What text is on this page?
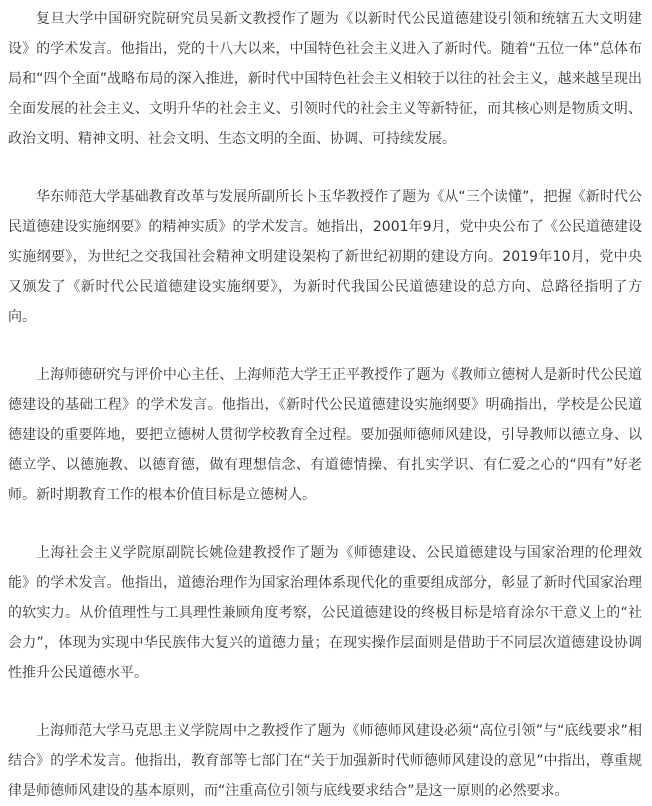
复旦大学中国研究院研究员吴新文教授作了题为《以新时代公民道德建设引领和统辖五大文明建设》的学术发言。他指出，党的十八大以来，中国特色社会主义进入了新时代。随着“五位一体”总体布局和“四个全面”战略布局的深入推进，新时代中国特色社会主义相较于以往的社会主义，越来越呈现出全面发展的社会主义、文明升华的社会主义、引领时代的社会主义等新特征，而其核心则是物质文明、政治文明、精神文明、社会文明、生态文明的全面、协调、可持续发展。

华东师范大学基础教育改革与发展所副所长卜玉华教授作了题为《从“三个读懂”，把握《新时代公民道德建设实施纲要》的精神实质》的学术发言。她指出，2001年9月，党中央公布了《公民道德建设实施纲要》，为世纪之交我国社会精神文明建设架构了新世纪初期的建设方向。2019年10月，党中央又颁发了《新时代公民道德建设实施纲要》，为新时代我国公民道德建设的总方向、总路径指明了方向。

上海师德研究与评价中心主任、上海师范大学王正平教授作了题为《教师立德树人是新时代公民道德建设的基础工程》的学术发言。他指出，《新时代公民道德建设实施纲要》明确指出，学校是公民道德建设的重要阵地，要把立德树人贯彻学校教育全过程。要加强师德师风建设，引导教师以德立身、以德立学、以德施教、以德育德，做有理想信念、有道德情操、有扎实学识、有仁爱之心的“四有”好老师。新时期教育工作的根本价值目标是立德树人。

上海社会主义学院原副院长姚俭建教授作了题为《师德建设、公民道德建设与国家治理的伦理效能》的学术发言。他指出，道德治理作为国家治理体系现代化的重要组成部分，彰显了新时代国家治理的软实力。从价值理性与工具理性兼顾角度考察，公民道德建设的终极目标是培育涂尔干意义上的“社会力”，体现为实现中华民族伟大复兴的道德力量；在现实操作层面则是借助于不同层次道德建设协调性推升公民道德水平。

上海师范大学马克思主义学院周中之教授作了题为《师德师风建设必须“高位引领”与“底线要求”相结合》的学术发言。他指出，教育部等七部门在“关于加强新时代师德师风建设的意见”中指出，尊重规律是师德师风建设的基本原则，而“注重高位引领与底线要求结合”是这一原则的必然要求。
